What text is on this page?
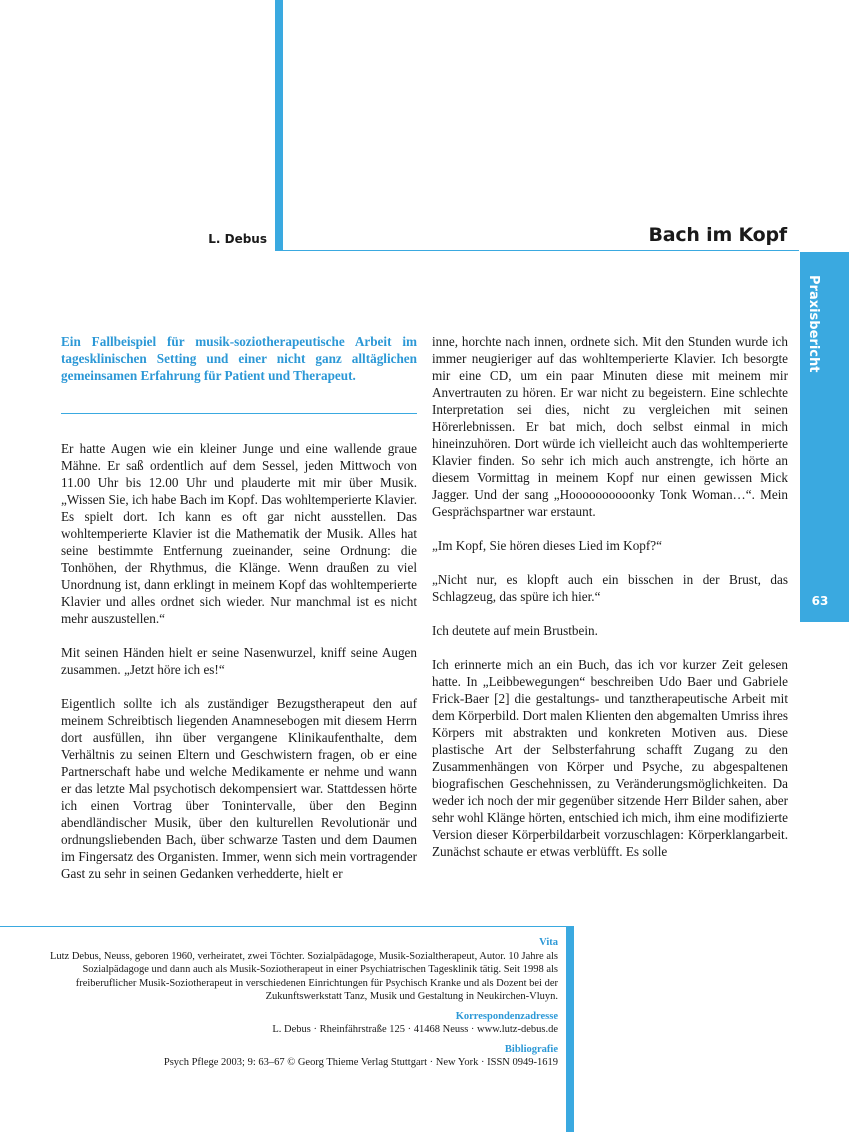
L. Debus	Bach im Kopf
Praxisbericht
63

Ein Fallbeispiel für musik-soziotherapeutische Arbeit im tagesklinischen Setting und einer nicht ganz alltäglichen gemeinsamen Erfahrung für Patient und Therapeut.

Er hatte Augen wie ein kleiner Junge und eine wallende graue Mähne. Er saß ordentlich auf dem Sessel, jeden Mittwoch von 11.00 Uhr bis 12.00 Uhr und plauderte mit mir über Musik. „Wissen Sie, ich habe Bach im Kopf. Das wohltemperierte Klavier. Es spielt dort. Ich kann es oft gar nicht ausstellen. Das wohltemperierte Klavier ist die Mathematik der Musik. Alles hat seine bestimmte Entfernung zueinander, seine Ordnung: die Tonhöhen, der Rhythmus, die Klänge. Wenn draußen zu viel Unordnung ist, dann erklingt in meinem Kopf das wohltemperierte Klavier und alles ordnet sich wieder. Nur manchmal ist es nicht mehr auszustellen.“

Mit seinen Händen hielt er seine Nasenwurzel, kniff seine Augen zusammen. „Jetzt höre ich es!“

Eigentlich sollte ich als zuständiger Bezugstherapeut den auf meinem Schreibtisch liegenden Anamnesebogen mit diesem Herrn dort ausfüllen, ihn über vergangene Klinikaufenthalte, dem Verhältnis zu seinen Eltern und Geschwistern fragen, ob er eine Partnerschaft habe und welche Medikamente er nehme und wann er das letzte Mal psychotisch dekompensiert war. Stattdessen hörte ich einen Vortrag über Tonintervalle, über den Beginn abendländischer Musik, über den kulturellen Revolutionär und ordnungsliebenden Bach, über schwarze Tasten und dem Daumen im Fingersatz des Organisten. Immer, wenn sich mein vortragender Gast zu sehr in seinen Gedanken verhedderte, hielt er

inne, horchte nach innen, ordnete sich. Mit den Stunden wurde ich immer neugieriger auf das wohltemperierte Klavier. Ich besorgte mir eine CD, um ein paar Minuten diese mit meinem mir Anvertrauten zu hören. Er war nicht zu begeistern. Eine schlechte Interpretation sei dies, nicht zu vergleichen mit seinen Hörerlebnissen. Er bat mich, doch selbst einmal in mich hineinzuhören. Dort würde ich vielleicht auch das wohltemperierte Klavier finden. So sehr ich mich auch anstrengte, ich hörte an diesem Vormittag in meinem Kopf nur einen gewissen Mick Jagger. Und der sang „Hoooooooooonky Tonk Woman…“. Mein Gesprächspartner war erstaunt.

„Im Kopf, Sie hören dieses Lied im Kopf?“

„Nicht nur, es klopft auch ein bisschen in der Brust, das Schlagzeug, das spüre ich hier.“

Ich deutete auf mein Brustbein.

Ich erinnerte mich an ein Buch, das ich vor kurzer Zeit gelesen hatte. In „Leibbewegungen“ beschreiben Udo Baer und Gabriele Frick-Baer [2] die gestaltungs- und tanztherapeutische Arbeit mit dem Körperbild. Dort malen Klienten den abgemalten Umriss ihres Körpers mit abstrakten und konkreten Motiven aus. Diese plastische Art der Selbsterfahrung schafft Zugang zu den Zusammenhängen von Körper und Psyche, zu abgespaltenen biografischen Geschehnissen, zu Veränderungsmöglichkeiten. Da weder ich noch der mir gegenüber sitzende Herr Bilder sahen, aber sehr wohl Klänge hörten, entschied ich mich, ihm eine modifizierte Version dieser Körperbildarbeit vorzuschlagen: Körperklangarbeit. Zunächst schaute er etwas verblüfft. Es solle

Vita
Lutz Debus, Neuss, geboren 1960, verheiratet, zwei Töchter. Sozialpädagoge, Musik-Sozialtherapeut, Autor. 10 Jahre als Sozialpädagoge und dann auch als Musik-Soziotherapeut in einer Psychiatrischen Tagesklinik tätig. Seit 1998 als freiberuflicher Musik-Soziotherapeut in verschiedenen Einrichtungen für Psychisch Kranke und als Dozent bei der Zukunftswerkstatt Tanz, Musik und Gestaltung in Neukirchen-Vluyn.
Korrespondenzadresse
L. Debus · Rheinfährstraße 125 · 41468 Neuss · www.lutz-debus.de
Bibliografie
Psych Pflege 2003; 9: 63–67 © Georg Thieme Verlag Stuttgart · New York · ISSN 0949-1619
